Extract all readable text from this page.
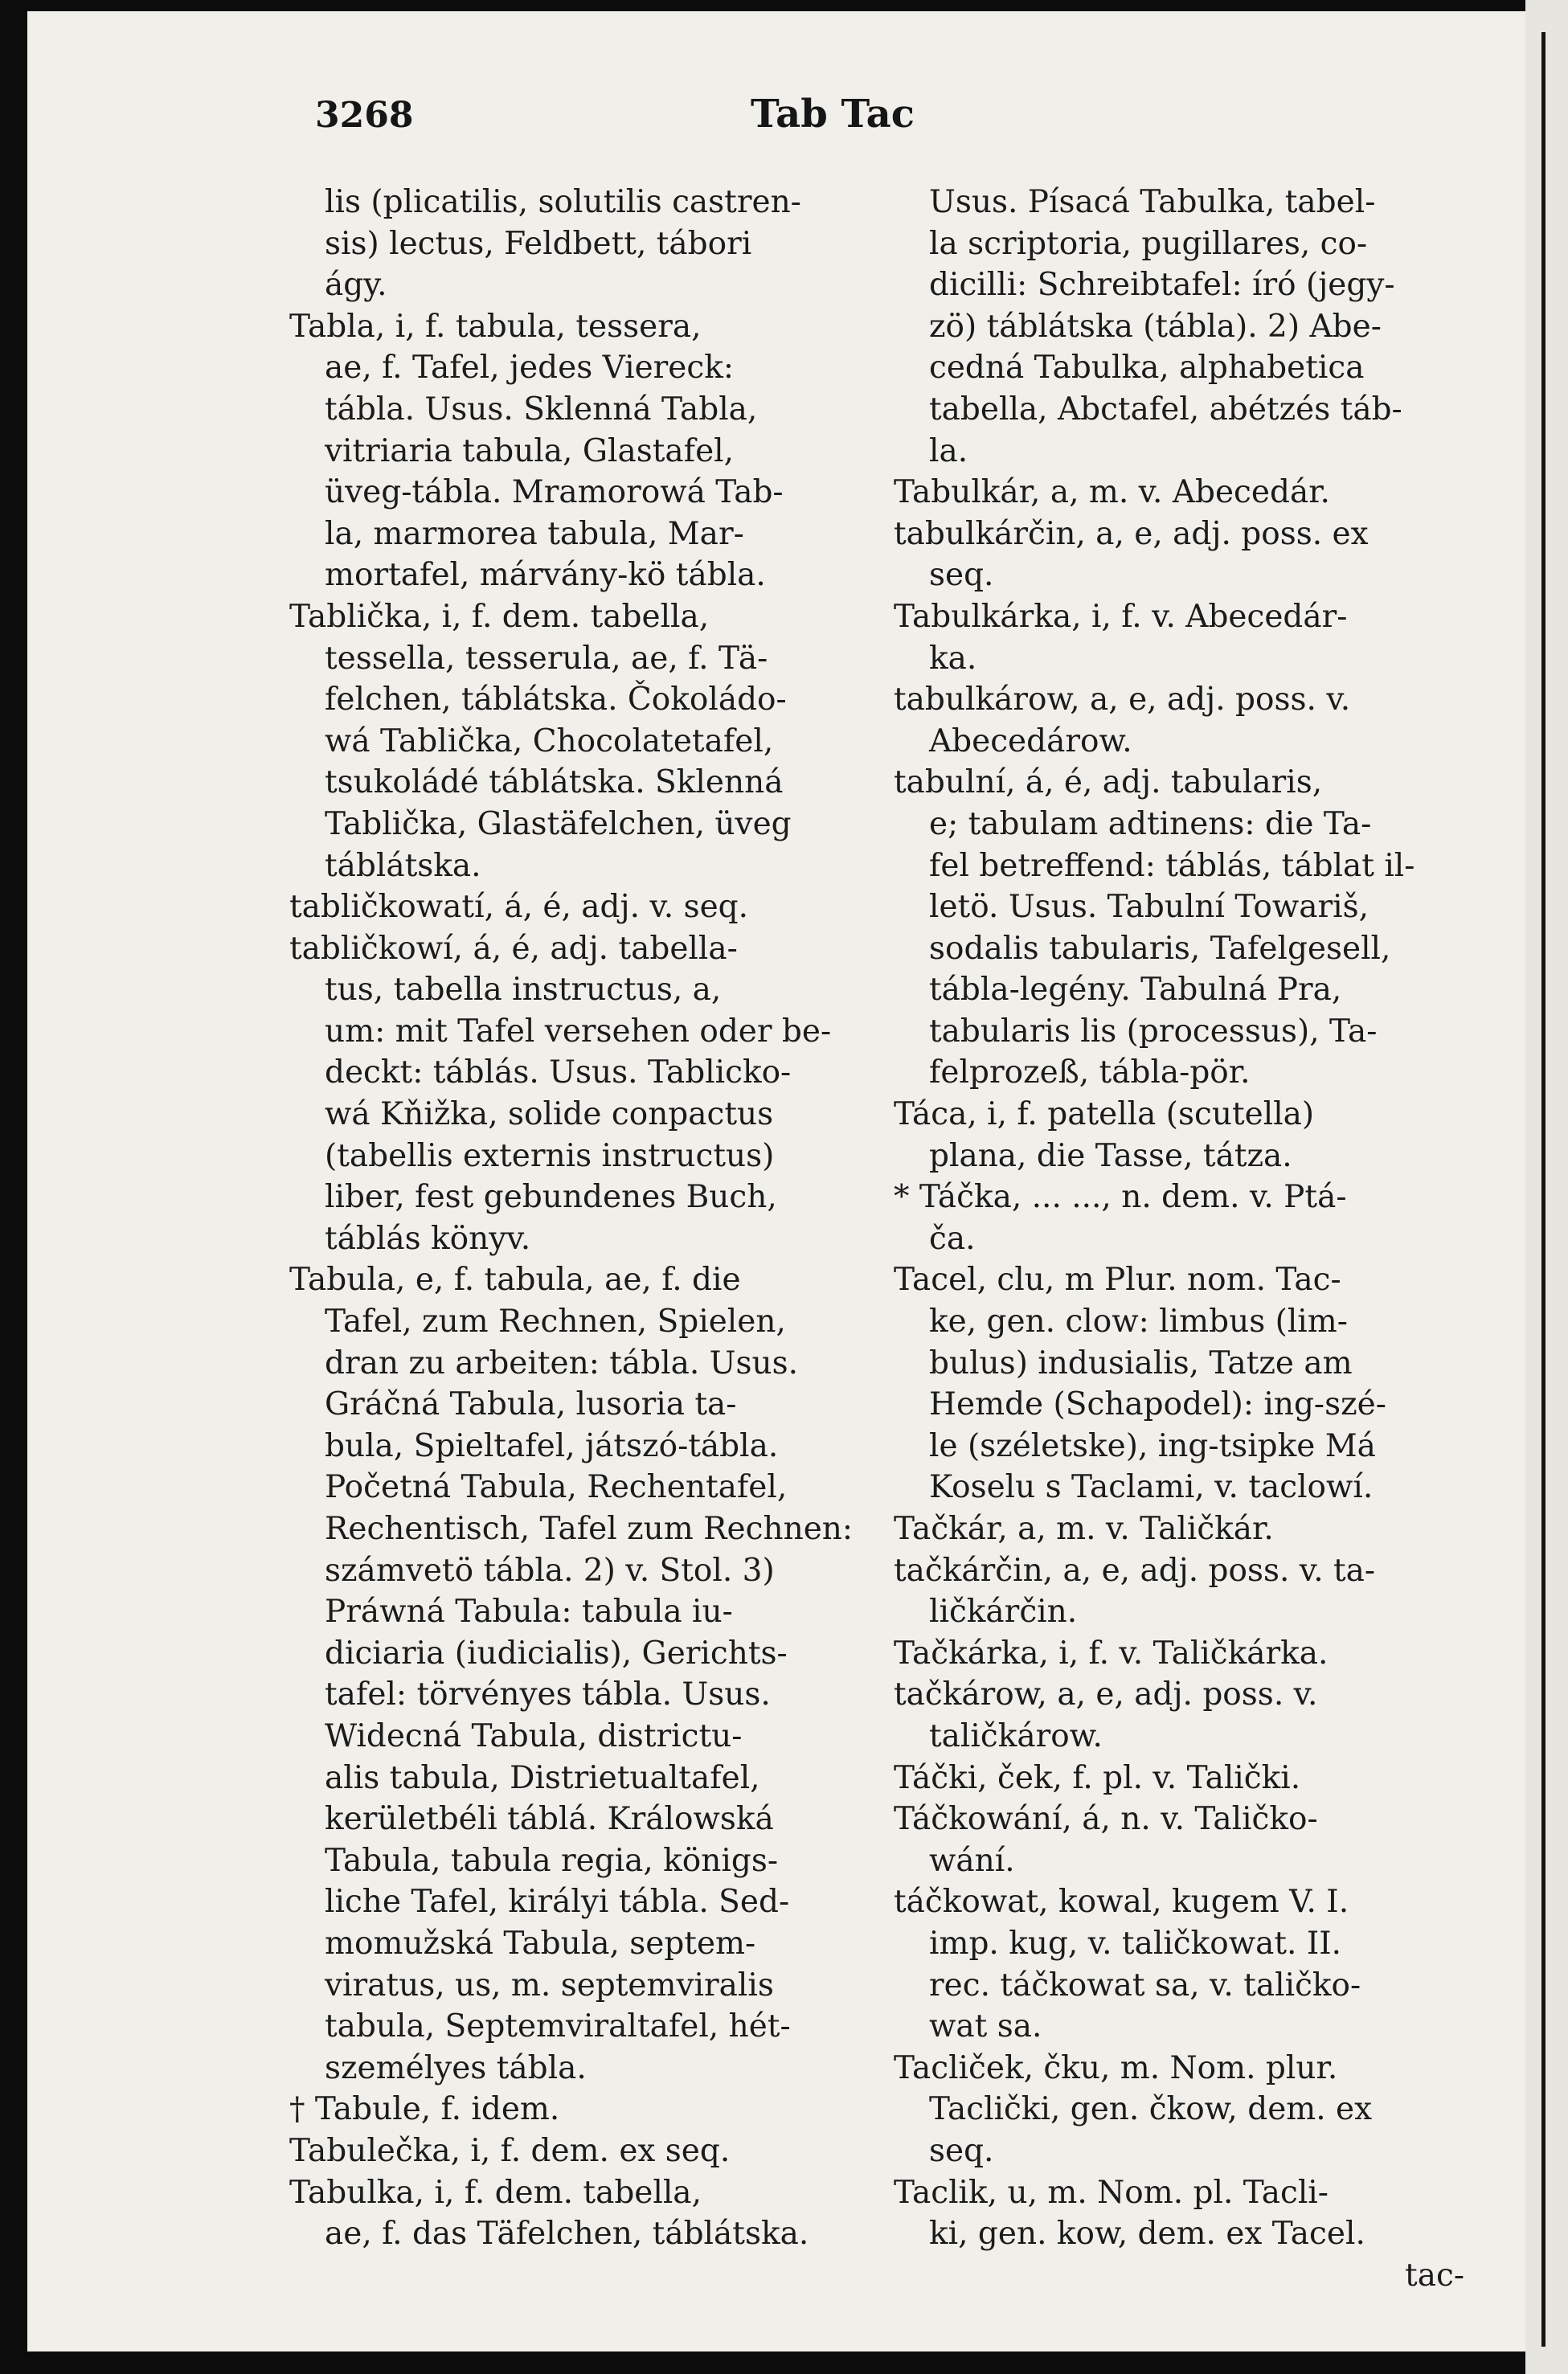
3268	Tab Tac
lis (plicatilis, solutilis castren-
sis) lectus, Feldbett, tábori
ágy.
Tabla, i, f. tabula, tessera,
ae, f. Tafel, jedes Viereck:
tábla. Usus. Sklenná Tabla,
vitriaria tabula, Glastafel,
üveg-tábla. Mramorowá Tab-
la, marmorea tabula, Mar-
mortafel, márvány-kö tábla.
Tablička, i, f. dem. tabella,
tessella, tesserula, ae, f. Tä-
felchen, táblátska. Čokoládo-
wá Tablička, Chocolatetafel,
tsukoládé táblátska. Sklenná
Tablička, Glastäfelchen, üveg
táblátska.
tabličkowatí, á, é, adj. v. seq.
tabličkowí, á, é, adj. tabella-
tus, tabella instructus, a,
um: mit Tafel versehen oder be-
deckt: táblás. Usus. Tablicko-
wá Kňižka, solide conpactus
(tabellis externis instructus)
liber, fest gebundenes Buch,
táblás könyv.
Tabula, e, f. tabula, ae, f. die
Tafel, zum Rechnen, Spielen,
dran zu arbeiten: tábla. Usus.
Gráčná Tabula, lusoria ta-
bula, Spieltafel, játszó-tábla.
Početná Tabula, Rechentafel,
Rechentisch, Tafel zum Rechnen:
számvetö tábla. 2) v. Stol. 3)
Práwná Tabula: tabula iu-
diciaria (iudicialis), Gerichts-
tafel: törvényes tábla. Usus.
Widecná Tabula, districtu-
alis tabula, Distrietualtafel,
kerületbéli táblá. Králowská
Tabula, tabula regia, königs-
liche Tafel, királyi tábla. Sed-
momužská Tabula, septem-
viratus, us, m. septemviralis
tabula, Septemviraltafel, hét-
személyes tábla.
† Tabule, f. idem.
Tabulečka, i, f. dem. ex seq.
Tabulka, i, f. dem. tabella,
ae, f. das Täfelchen, táblátska.
Usus. Písacá Tabulka, tabel-
la scriptoria, pugillares, co-
dicilli: Schreibtafel: író (jegy-
zö) táblátska (tábla). 2) Abe-
cedná Tabulka, alphabetica
tabella, Abctafel, abétzés táb-
la.
Tabulkár, a, m. v. Abecedár.
tabulkárčin, a, e, adj. poss. ex
seq.
Tabulkárka, i, f. v. Abecedár-
ka.
tabulkárow, a, e, adj. poss. v.
Abecedárow.
tabulní, á, é, adj. tabularis,
e; tabulam adtinens: die Ta-
fel betreffend: táblás, táblat il-
letö. Usus. Tabulní Towariš,
sodalis tabularis, Tafelgesell,
tábla-legény. Tabulná Pra,
tabularis lis (processus), Ta-
felprozeß, tábla-pör.
Táca, i, f. patella (scutella)
plana, die Tasse, tátza.
* Táčka, ... ..., n. dem. v. Ptá-
ča.
Tacel, clu, m Plur. nom. Tac-
ke, gen. clow: limbus (lim-
bulus) indusialis, Tatze am
Hemde (Schapodel): ing-szé-
le (széletske), ing-tsipke Má
Koselu s Taclami, v. taclowí.
Tačkár, a, m. v. Taličkár.
tačkárčin, a, e, adj. poss. v. ta-
ličkárčin.
Tačkárka, i, f. v. Taličkárka.
tačkárow, a, e, adj. poss. v.
taličkárow.
Táčki, ček, f. pl. v. Talički.
Táčkowání, á, n. v. Taličko-
wání.
táčkowat, kowal, kugem V. I.
imp. kug, v. taličkowat. II.
rec. táčkowat sa, v. taličko-
wat sa.
Tacliček, čku, m. Nom. plur.
Taclički, gen. čkow, dem. ex
seq.
Taclik, u, m. Nom. pl. Tacli-
ki, gen. kow, dem. ex Tacel.
tac-
